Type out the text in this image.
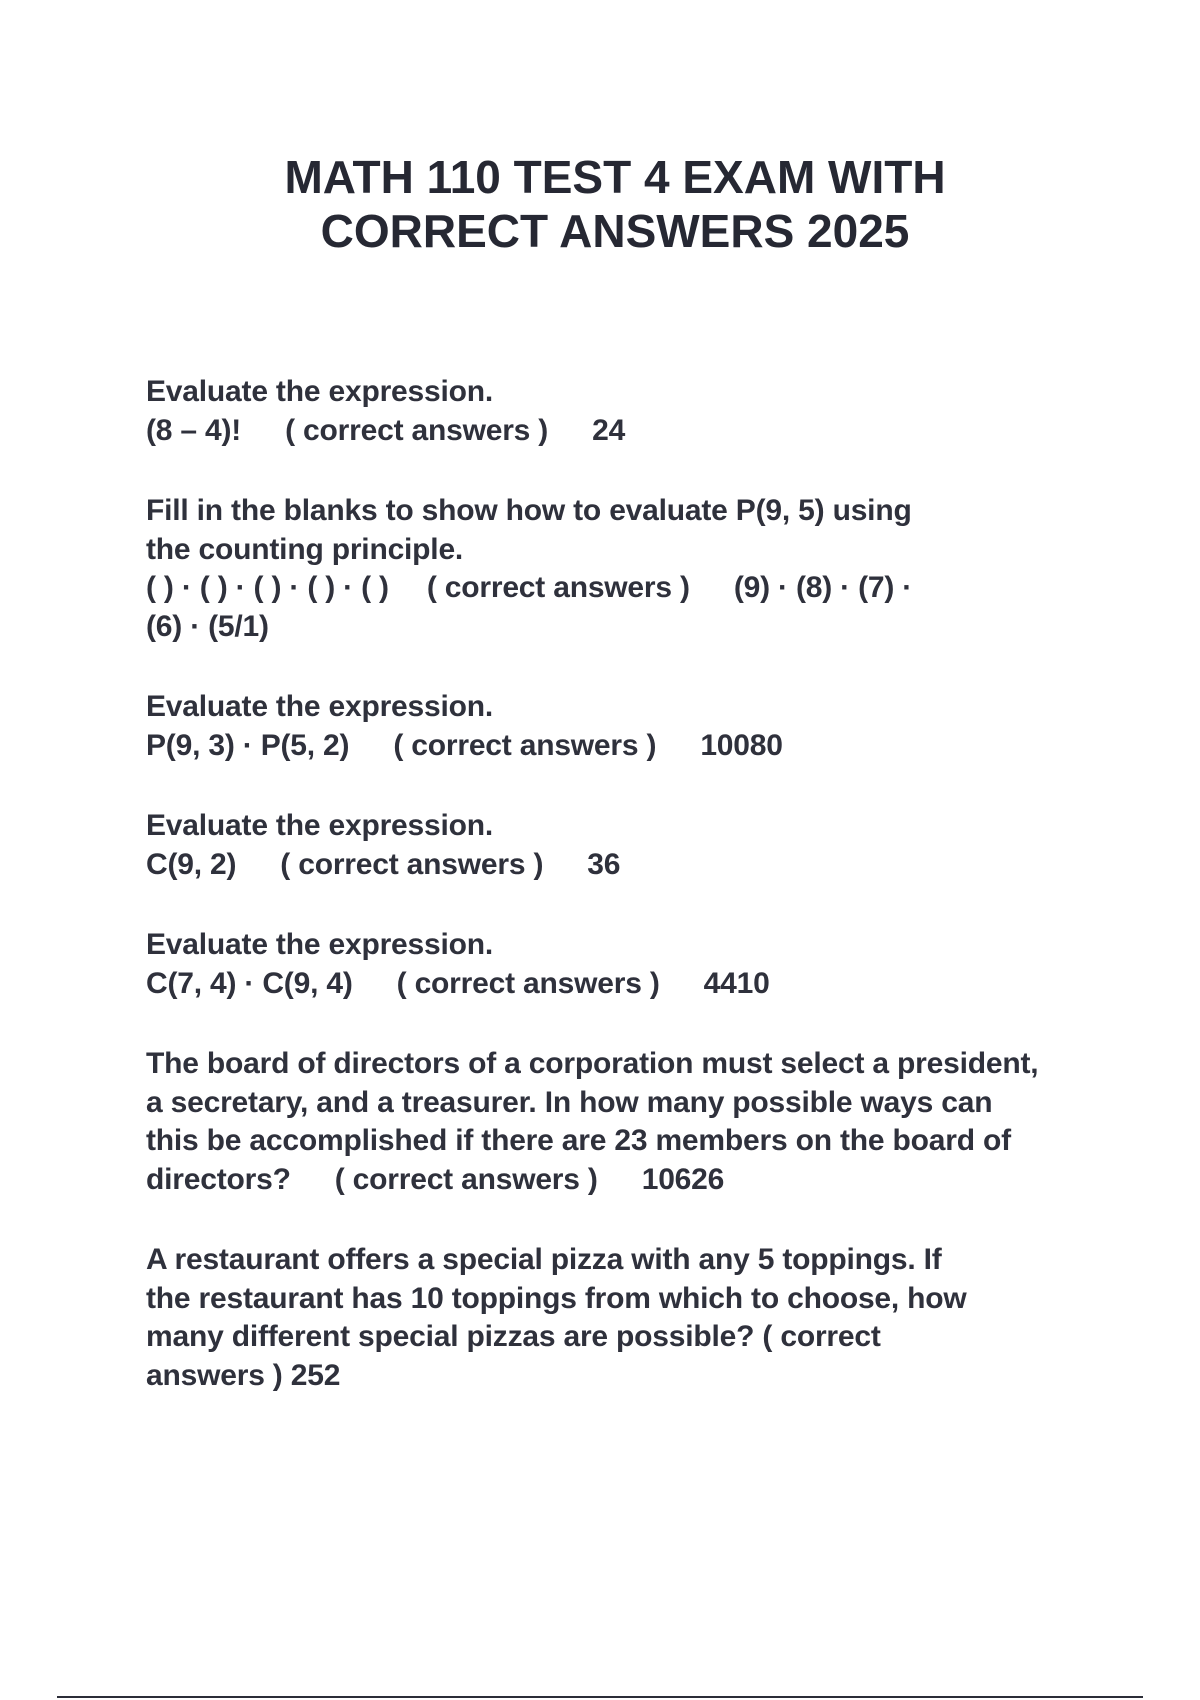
MATH 110 TEST 4 EXAM WITH
CORRECT ANSWERS 2025
Evaluate the expression.
(8 – 4)! ( correct answers ) 24
Fill in the blanks to show how to evaluate P(9, 5) using
the counting principle.
( ) · ( ) · ( ) · ( ) · ( ) ( correct answers ) (9) · (8) · (7) ·
(6) · (5/1)
Evaluate the expression.
P(9, 3) · P(5, 2) ( correct answers ) 10080
Evaluate the expression.
C(9, 2) ( correct answers ) 36
Evaluate the expression.
C(7, 4) · C(9, 4) ( correct answers ) 4410
The board of directors of a corporation must select a president,
a secretary, and a treasurer. In how many possible ways can
this be accomplished if there are 23 members on the board of
directors? ( correct answers ) 10626
A restaurant offers a special pizza with any 5 toppings. If
the restaurant has 10 toppings from which to choose, how
many different special pizzas are possible? ( correct
answers ) 252
